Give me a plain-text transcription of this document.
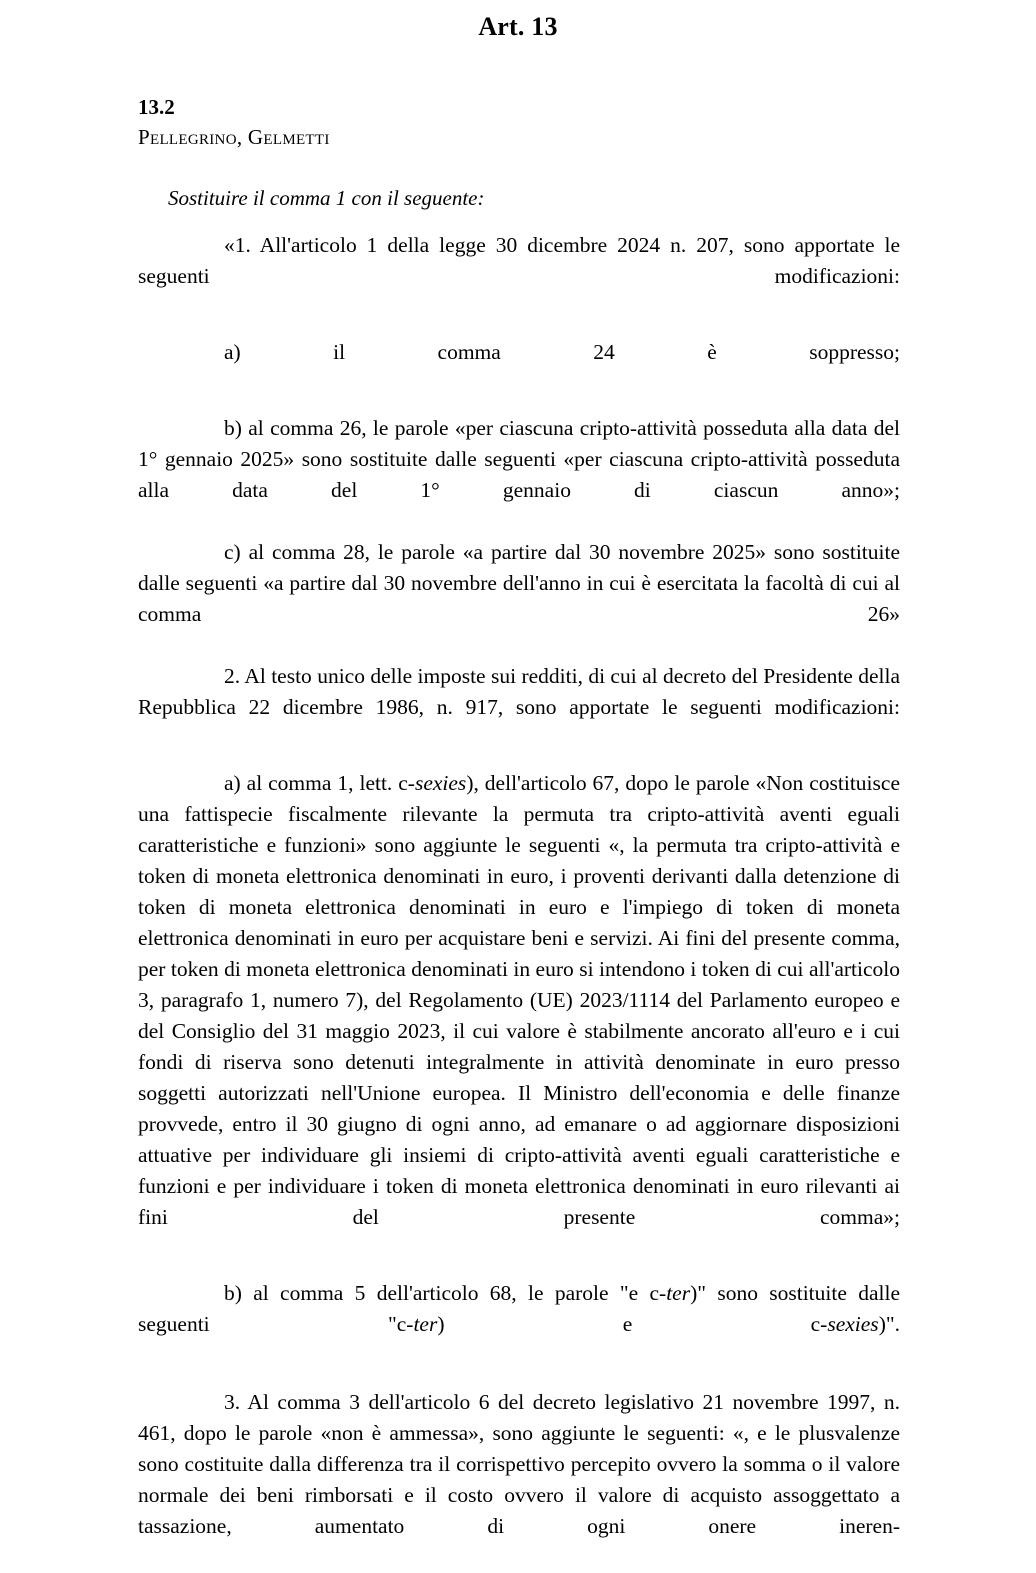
Art. 13
13.2
Pellegrino, Gelmetti
Sostituire il comma 1 con il seguente:

«1. All'articolo 1 della legge 30 dicembre 2024 n. 207, sono apportate le seguenti modificazioni:

a) il comma 24 è soppresso;

b) al comma 26, le parole «per ciascuna cripto-attività posseduta alla data del 1° gennaio 2025» sono sostituite dalle seguenti «per ciascuna cripto-attività posseduta alla data del 1° gennaio di ciascun anno»;

c) al comma 28, le parole «a partire dal 30 novembre 2025» sono sostituite dalle seguenti «a partire dal 30 novembre dell'anno in cui è esercitata la facoltà di cui al comma 26»

2. Al testo unico delle imposte sui redditi, di cui al decreto del Presidente della Repubblica 22 dicembre 1986, n. 917, sono apportate le seguenti modificazioni:

a) al comma 1, lett. c-sexies), dell'articolo 67, dopo le parole «Non costituisce una fattispecie fiscalmente rilevante la permuta tra cripto-attività aventi eguali caratteristiche e funzioni» sono aggiunte le seguenti «, la permuta tra cripto-attività e token di moneta elettronica denominati in euro, i proventi derivanti dalla detenzione di token di moneta elettronica denominati in euro e l'impiego di token di moneta elettronica denominati in euro per acquistare beni e servizi. Ai fini del presente comma, per token di moneta elettronica denominati in euro si intendono i token di cui all'articolo 3, paragrafo 1, numero 7), del Regolamento (UE) 2023/1114 del Parlamento europeo e del Consiglio del 31 maggio 2023, il cui valore è stabilmente ancorato all'euro e i cui fondi di riserva sono detenuti integralmente in attività denominate in euro presso soggetti autorizzati nell'Unione europea. Il Ministro dell'economia e delle finanze provvede, entro il 30 giugno di ogni anno, ad emanare o ad aggiornare disposizioni attuative per individuare gli insiemi di cripto-attività aventi eguali caratteristiche e funzioni e per individuare i token di moneta elettronica denominati in euro rilevanti ai fini del presente comma»;

b) al comma 5 dell'articolo 68, le parole "e c-ter)" sono sostituite dalle seguenti "c-ter) e c-sexies)".

3. Al comma 3 dell'articolo 6 del decreto legislativo 21 novembre 1997, n. 461, dopo le parole «non è ammessa», sono aggiunte le seguenti: «, e le plusvalenze sono costituite dalla differenza tra il corrispettivo percepito ovvero la somma o il valore normale dei beni rimborsati e il costo ovvero il valore di acquisto assoggettato a tassazione, aumentato di ogni onere ineren-
